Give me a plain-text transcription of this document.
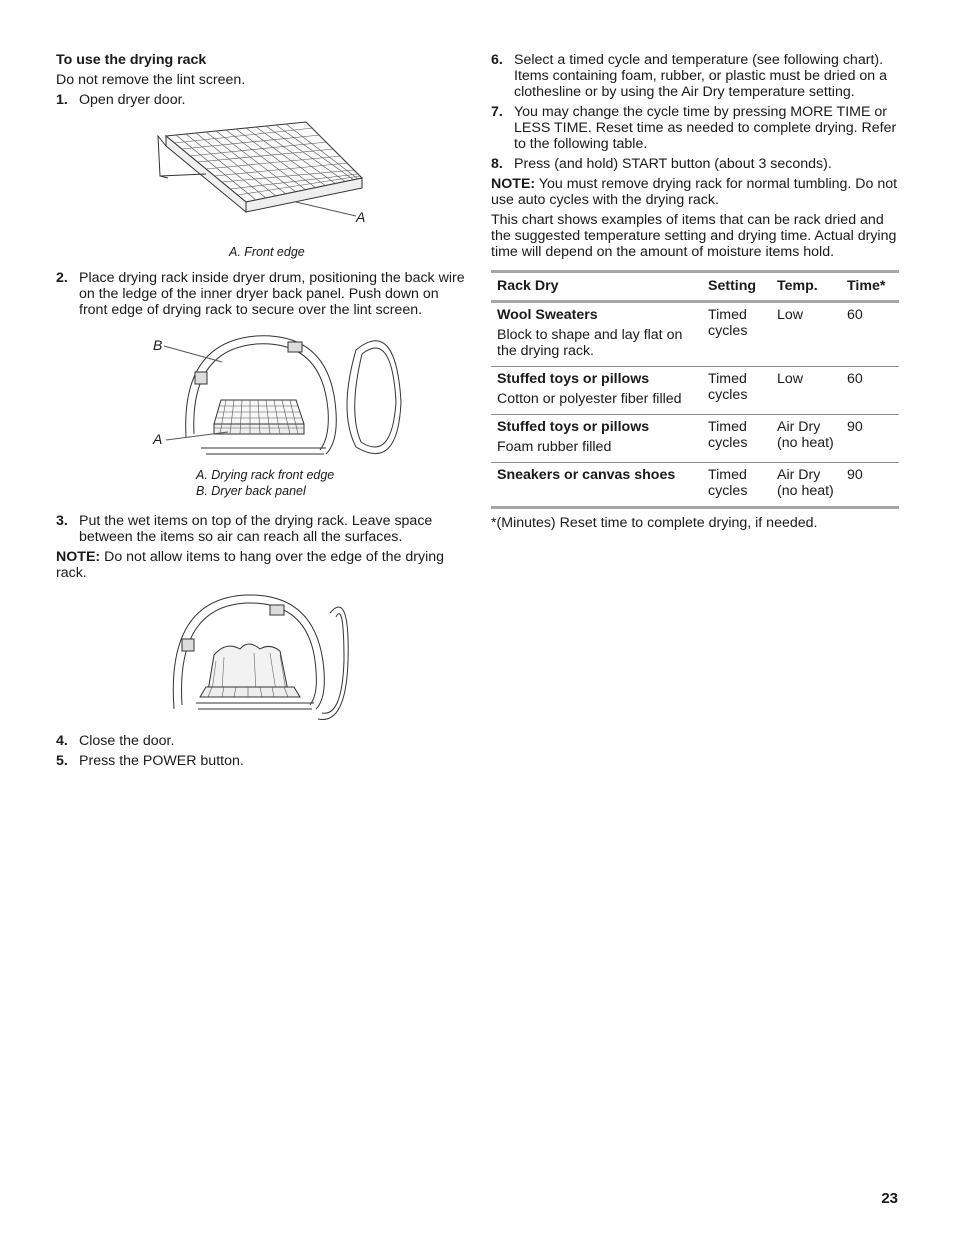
To use the drying rack

Do not remove the lint screen.

1. Open dryer door.
A
A. Front edge
2. Place drying rack inside dryer drum, positioning the back wire on the ledge of the inner dryer back panel. Push down on front edge of drying rack to secure over the lint screen.
B
A
A. Drying rack front edge
B. Dryer back panel
3. Put the wet items on top of the drying rack. Leave space between the items so air can reach all the surfaces.

NOTE: Do not allow items to hang over the edge of the drying rack.

4. Close the door.
5. Press the POWER button.
6. Select a timed cycle and temperature (see following chart). Items containing foam, rubber, or plastic must be dried on a clothesline or by using the Air Dry temperature setting.
7. You may change the cycle time by pressing MORE TIME or LESS TIME. Reset time as needed to complete drying. Refer to the following table.
8. Press (and hold) START button (about 3 seconds).

NOTE: You must remove drying rack for normal tumbling. Do not use auto cycles with the drying rack.

This chart shows examples of items that can be rack dried and the suggested temperature setting and drying time. Actual drying time will depend on the amount of moisture items hold.

Rack Dry	Setting	Temp.	Time*

Wool Sweaters
Block to shape and lay flat on the drying rack.	Timed cycles	Low	60

Stuffed toys or pillows
Cotton or polyester fiber filled	Timed cycles	Low	60

Stuffed toys or pillows
Foam rubber filled	Timed cycles	Air Dry (no heat)	90

Sneakers or canvas shoes	Timed cycles	Air Dry (no heat)	90

*(Minutes) Reset time to complete drying, if needed.

23
